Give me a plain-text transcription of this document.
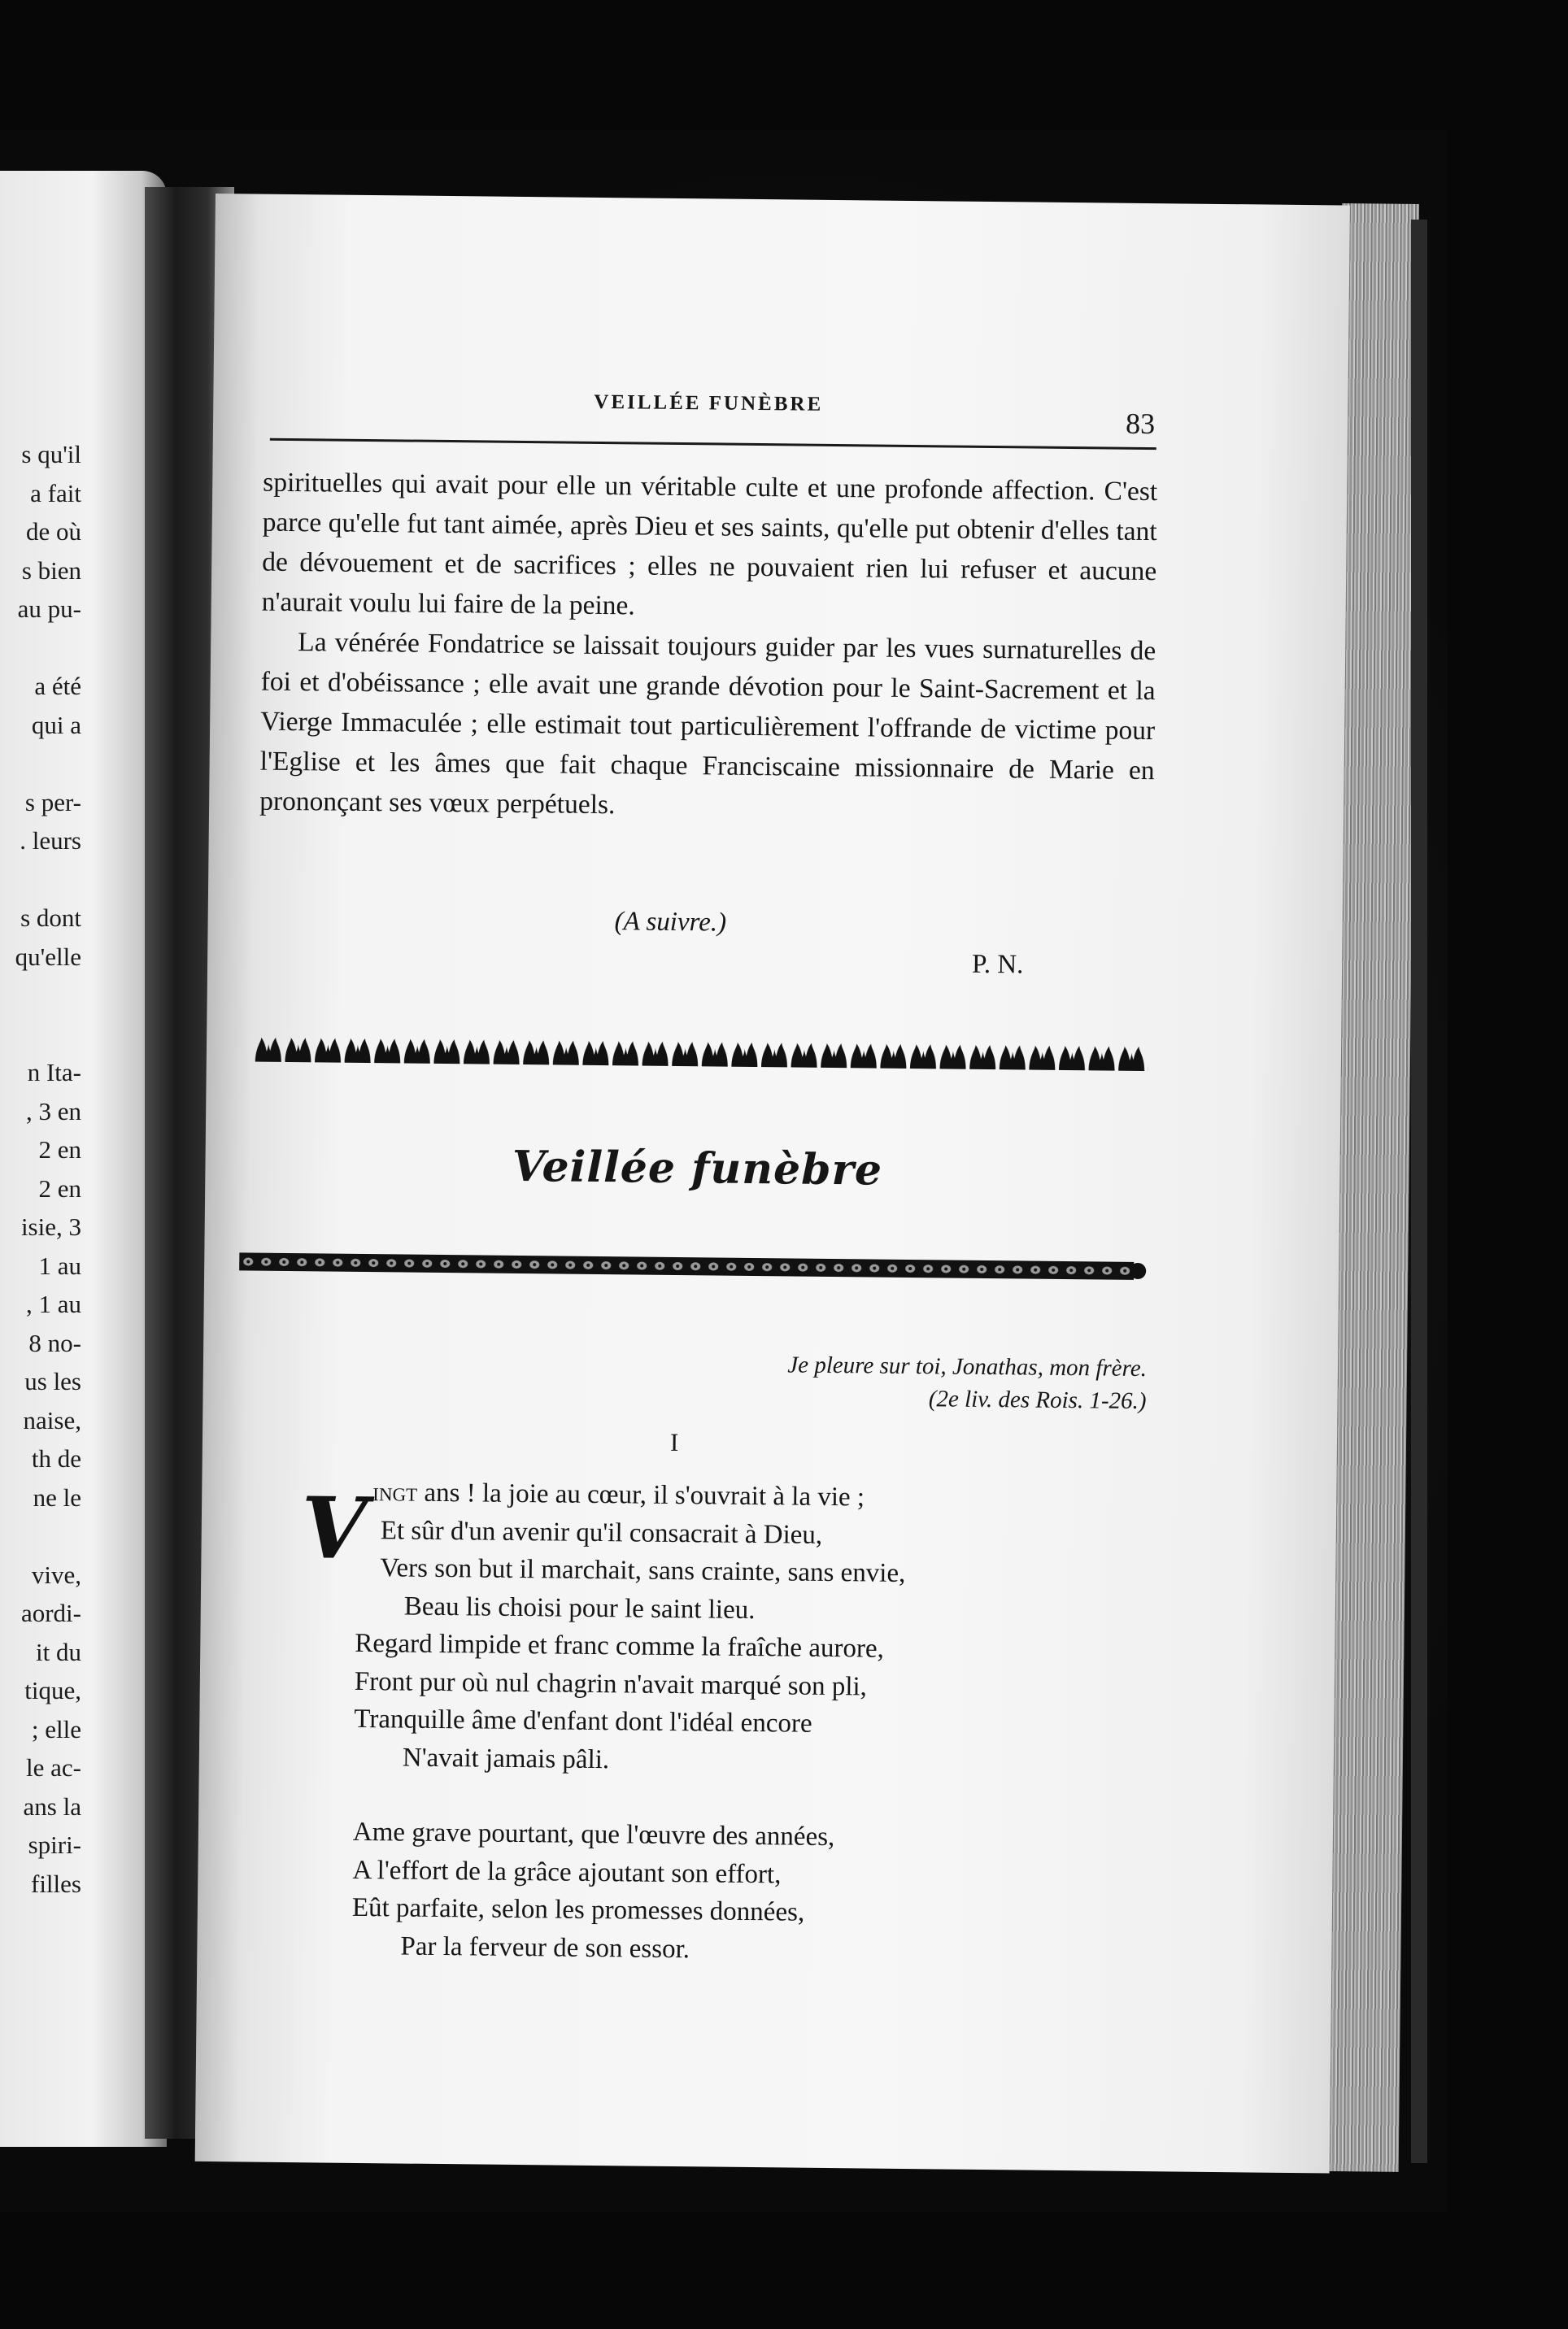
s qu'il
a fait
de où
s bien
au pu-
a été
qui a
s per-
. leurs
s dont
qu'elle
n Ita-
, 3 en
2 en
2 en
isie, 3
1 au
, 1 au
8 no-
us les
naise,
th de
ne le
vive,
aordi-
it du
tique,
; elle
le ac-
ans la
spiri-
filles
VEILLÉE FUNÈBRE
83

spirituelles qui avait pour elle un véritable culte et une profonde affection. C'est parce qu'elle fut tant aimée, après Dieu et ses saints, qu'elle put obtenir d'elles tant de dévouement et de sacrifices ; elles ne pouvaient rien lui refuser et aucune n'aurait voulu lui faire de la peine.

La vénérée Fondatrice se laissait toujours guider par les vues surnaturelles de foi et d'obéissance ; elle avait une grande dévotion pour le Saint-Sacrement et la Vierge Immaculée ; elle estimait tout particulièrement l'offrande de victime pour l'Eglise et les âmes que fait chaque Franciscaine missionnaire de Marie en prononçant ses vœux perpétuels.

(A suivre.)
P. N.
Veillée funèbre
Je pleure sur toi, Jonathas, mon frère.
(2e liv. des Rois. 1-26.)
I
V ingt ans ! la joie au cœur, il s'ouvrait à la vie ;
Et sûr d'un avenir qu'il consacrait à Dieu,
Vers son but il marchait, sans crainte, sans envie,
Beau lis choisi pour le saint lieu.
Regard limpide et franc comme la fraîche aurore,
Front pur où nul chagrin n'avait marqué son pli,
Tranquille âme d'enfant dont l'idéal encore
N'avait jamais pâli.
Ame grave pourtant, que l'œuvre des années,
A l'effort de la grâce ajoutant son effort,
Eût parfaite, selon les promesses données,
Par la ferveur de son essor.
